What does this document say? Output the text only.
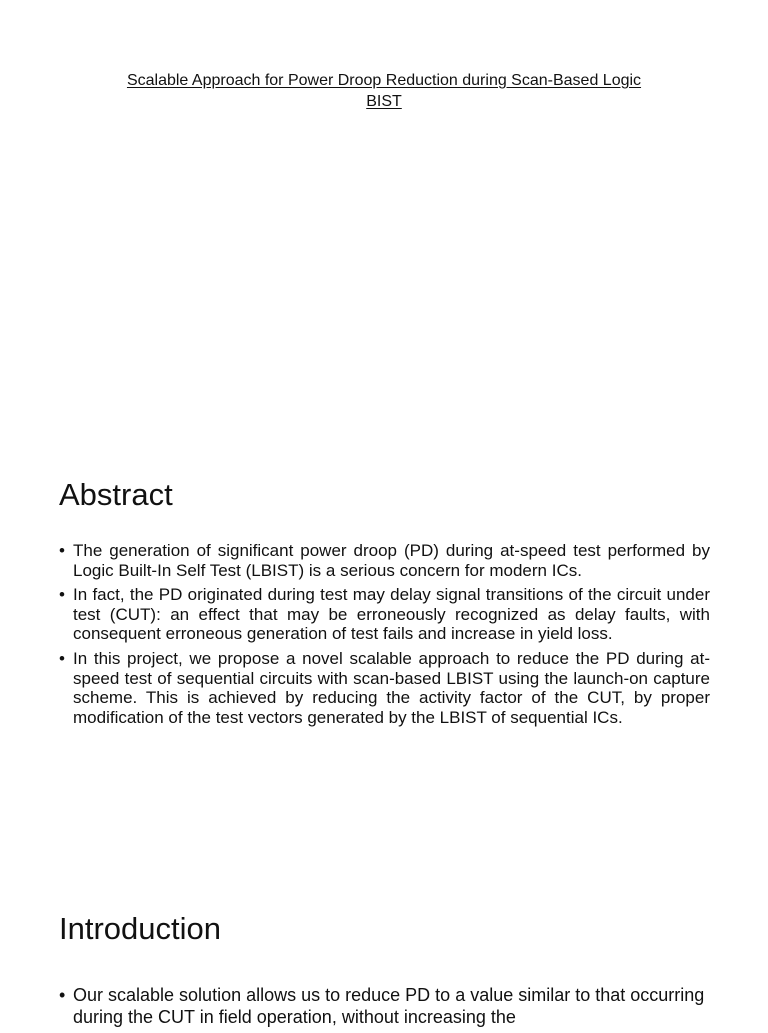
Scalable Approach for Power Droop Reduction during Scan-Based Logic
BIST
Abstract
• The generation of significant power droop (PD) during at-speed test performed by Logic Built-In Self Test (LBIST) is a serious concern for modern ICs.
• In fact, the PD originated during test may delay signal transitions of the circuit under test (CUT): an effect that may be erroneously recognized as delay faults, with consequent erroneous generation of test fails and increase in yield loss.
• In this project, we propose a novel scalable approach to reduce the PD during at-speed test of sequential circuits with scan-based LBIST using the launch-on capture scheme. This is achieved by reducing the activity factor of the CUT, by proper modification of the test vectors generated by the LBIST of sequential ICs.
Introduction
• Our scalable solution allows us to reduce PD to a value similar to that occurring during the CUT in field operation, without increasing the
